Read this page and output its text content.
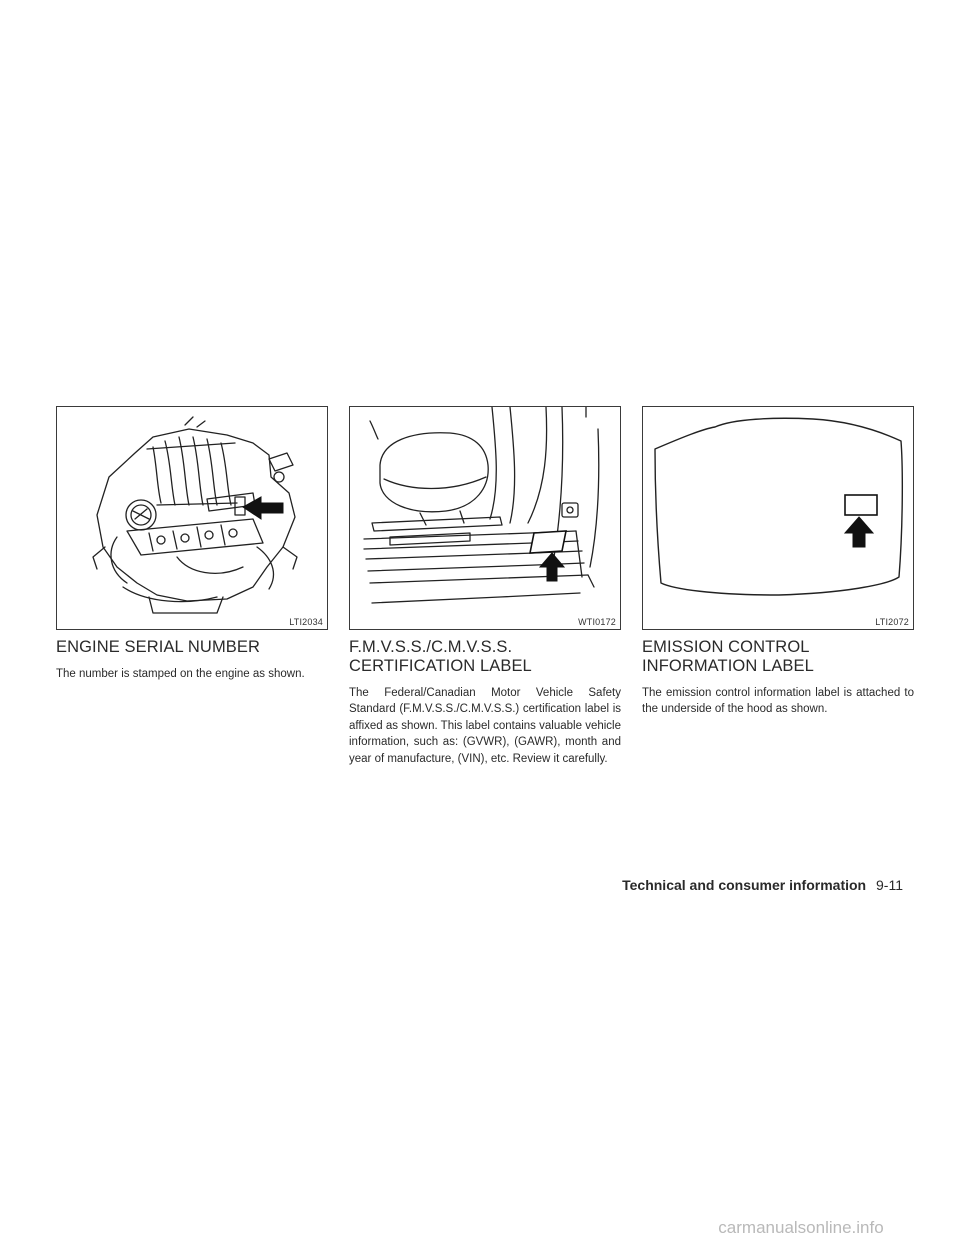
LTI2034
ENGINE SERIAL NUMBER

The number is stamped on the engine as shown.

WTI0172
F.M.V.S.S./C.M.V.S.S.
CERTIFICATION LABEL

The Federal/Canadian Motor Vehicle Safety Standard (F.M.V.S.S./C.M.V.S.S.) certification label is affixed as shown. This label contains valuable vehicle information, such as: (GVWR), (GAWR), month and year of manufacture, (VIN), etc. Review it carefully.

LTI2072
EMISSION CONTROL
INFORMATION LABEL

The emission control information label is attached to the underside of the hood as shown.

Technical and consumer information 9-11
carmanualsonline.info
